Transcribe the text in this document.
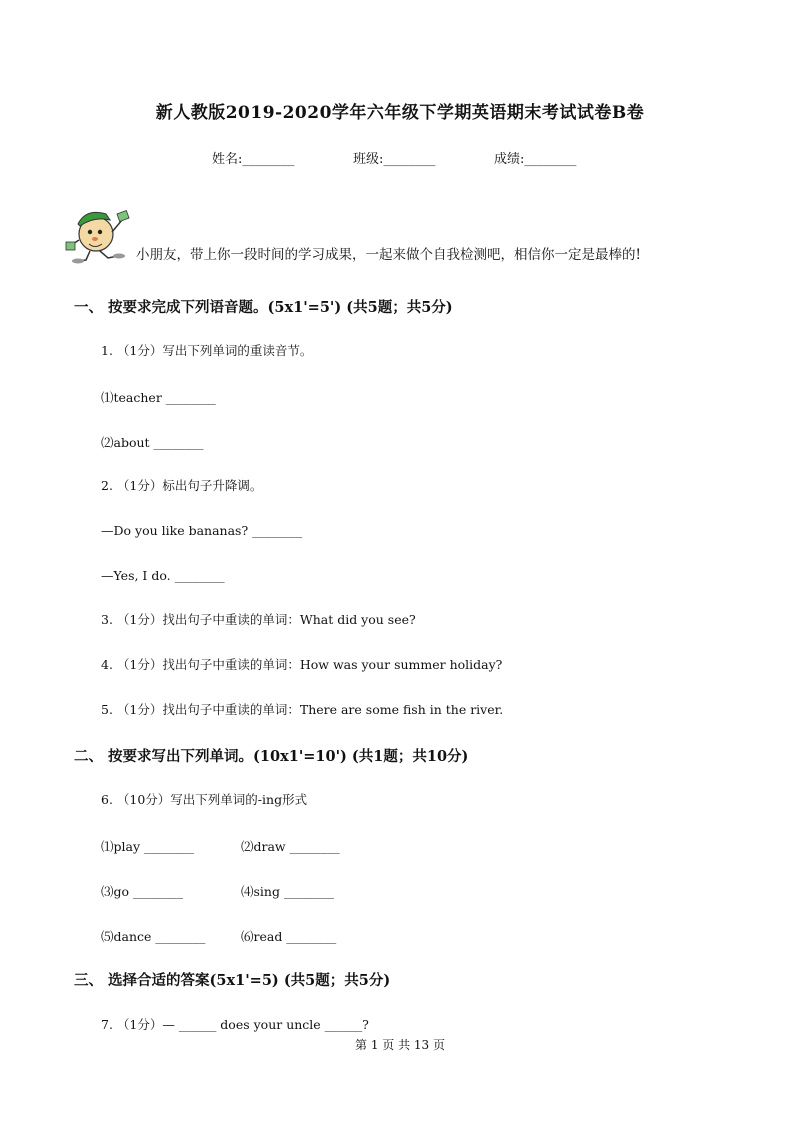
新人教版2019-2020学年六年级下学期英语期末考试试卷B卷
姓名:________	班级:________	成绩:________
小朋友，带上你一段时间的学习成果，一起来做个自我检测吧，相信你一定是最棒的!
一、 按要求完成下列语音题。(5x1'=5') (共5题；共5分)
1. （1分）写出下列单词的重读音节。
⑴teacher ________
⑵about ________
2. （1分）标出句子升降调。
—Do you like bananas? ________
—Yes, I do. ________
3. （1分）找出句子中重读的单词：What did you see?
4. （1分）找出句子中重读的单词：How was your summer holiday?
5. （1分）找出句子中重读的单词：There are some fish in the river.
二、 按要求写出下列单词。(10x1'=10') (共1题；共10分)
6. （10分）写出下列单词的-ing形式
⑴play ________	⑵draw ________
⑶go ________	⑷sing ________
⑸dance ________	⑹read ________
三、 选择合适的答案(5x1'=5) (共5题；共5分)
7. （1分）— ______ does your uncle ______?
第 1 页 共 13 页
